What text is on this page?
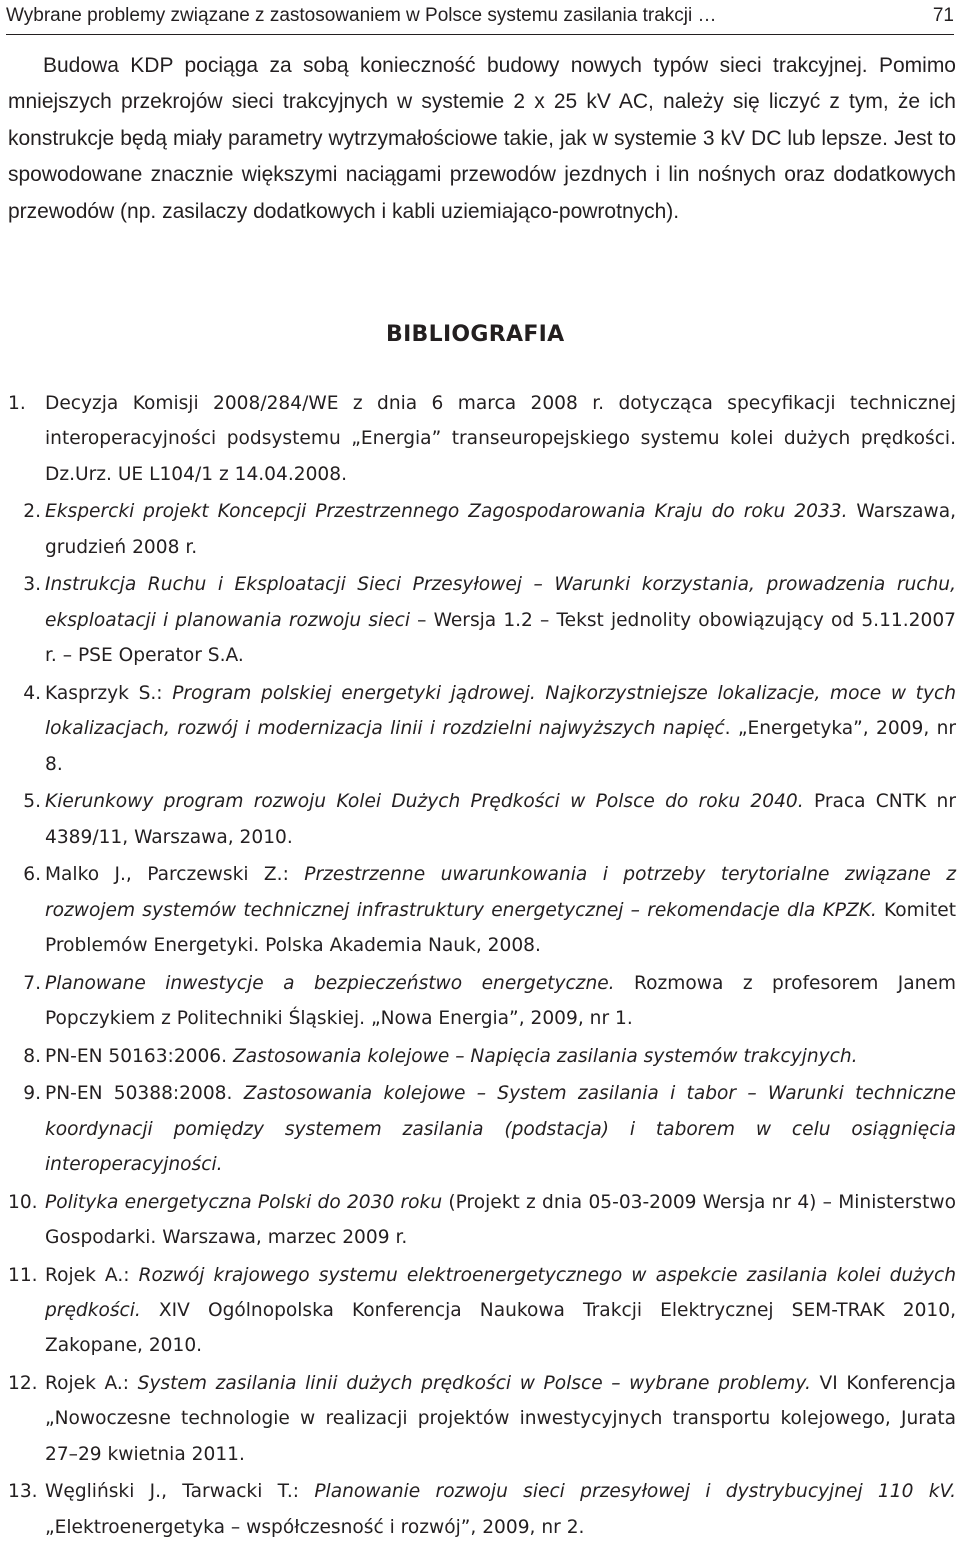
Wybrane problemy związane z zastosowaniem w Polsce systemu zasilania trakcji …	71

Budowa KDP pociąga za sobą konieczność budowy nowych typów sieci trakcyjnej. Pomimo mniejszych przekrojów sieci trakcyjnych w systemie 2 x 25 kV AC, należy się liczyć z tym, że ich konstrukcje będą miały parametry wytrzymałościowe takie, jak w systemie 3 kV DC lub lepsze. Jest to spowodowane znacznie większymi naciągami przewodów jezdnych i lin nośnych oraz dodatkowych przewodów (np. zasilaczy dodatkowych i kabli uziemiająco-powrotnych).

BIBLIOGRAFIA
1.	Decyzja Komisji 2008/284/WE z dnia 6 marca 2008 r. dotycząca specyfikacji technicznej interoperacyjności podsystemu „Energia” transeuropejskiego systemu kolei dużych prędkości. Dz.Urz. UE L104/1 z 14.04.2008.
2. Ekspercki projekt Koncepcji Przestrzennego Zagospodarowania Kraju do roku 2033. Warszawa, grudzień 2008 r.
3. Instrukcja Ruchu i Eksploatacji Sieci Przesyłowej – Warunki korzystania, prowadzenia ruchu, eksploatacji i planowania rozwoju sieci – Wersja 1.2 – Tekst jednolity obowiązujący od 5.11.2007 r. – PSE Operator S.A.
4. Kasprzyk S.: Program polskiej energetyki jądrowej. Najkorzystniejsze lokalizacje, moce w tych lokalizacjach, rozwój i modernizacja linii i rozdzielni najwyższych napięć. „Energetyka”, 2009, nr 8.
5. Kierunkowy program rozwoju Kolei Dużych Prędkości w Polsce do roku 2040. Praca CNTK nr 4389/11, Warszawa, 2010.
6. Malko J., Parczewski Z.: Przestrzenne uwarunkowania i potrzeby terytorialne związane z rozwojem systemów technicznej infrastruktury energetycznej – rekomendacje dla KPZK. Komitet Problemów Energetyki. Polska Akademia Nauk, 2008.
7. Planowane inwestycje a bezpieczeństwo energetyczne. Rozmowa z profesorem Janem Popczykiem z Politechniki Śląskiej. „Nowa Energia”, 2009, nr 1.
8. PN-EN 50163:2006. Zastosowania kolejowe – Napięcia zasilania systemów trakcyjnych.
9. PN-EN 50388:2008. Zastosowania kolejowe – System zasilania i tabor – Warunki techniczne koordynacji pomiędzy systemem zasilania (podstacja) i taborem w celu osiągnięcia interoperacyjności.
10. Polityka energetyczna Polski do 2030 roku (Projekt z dnia 05-03-2009 Wersja nr 4) – Ministerstwo Gospodarki. Warszawa, marzec 2009 r.
11. Rojek A.: Rozwój krajowego systemu elektroenergetycznego w aspekcie zasilania kolei dużych prędkości. XIV Ogólnopolska Konferencja Naukowa Trakcji Elektrycznej SEM-TRAK 2010, Zakopane, 2010.
12. Rojek A.: System zasilania linii dużych prędkości w Polsce – wybrane problemy. VI Konferencja „Nowoczesne technologie w realizacji projektów inwestycyjnych transportu kolejowego, Jurata 27–29 kwietnia 2011.
13. Węgliński J., Tarwacki T.: Planowanie rozwoju sieci przesyłowej i dystrybucyjnej 110 kV. „Elektroenergetyka – współczesność i rozwój”, 2009, nr 2.
